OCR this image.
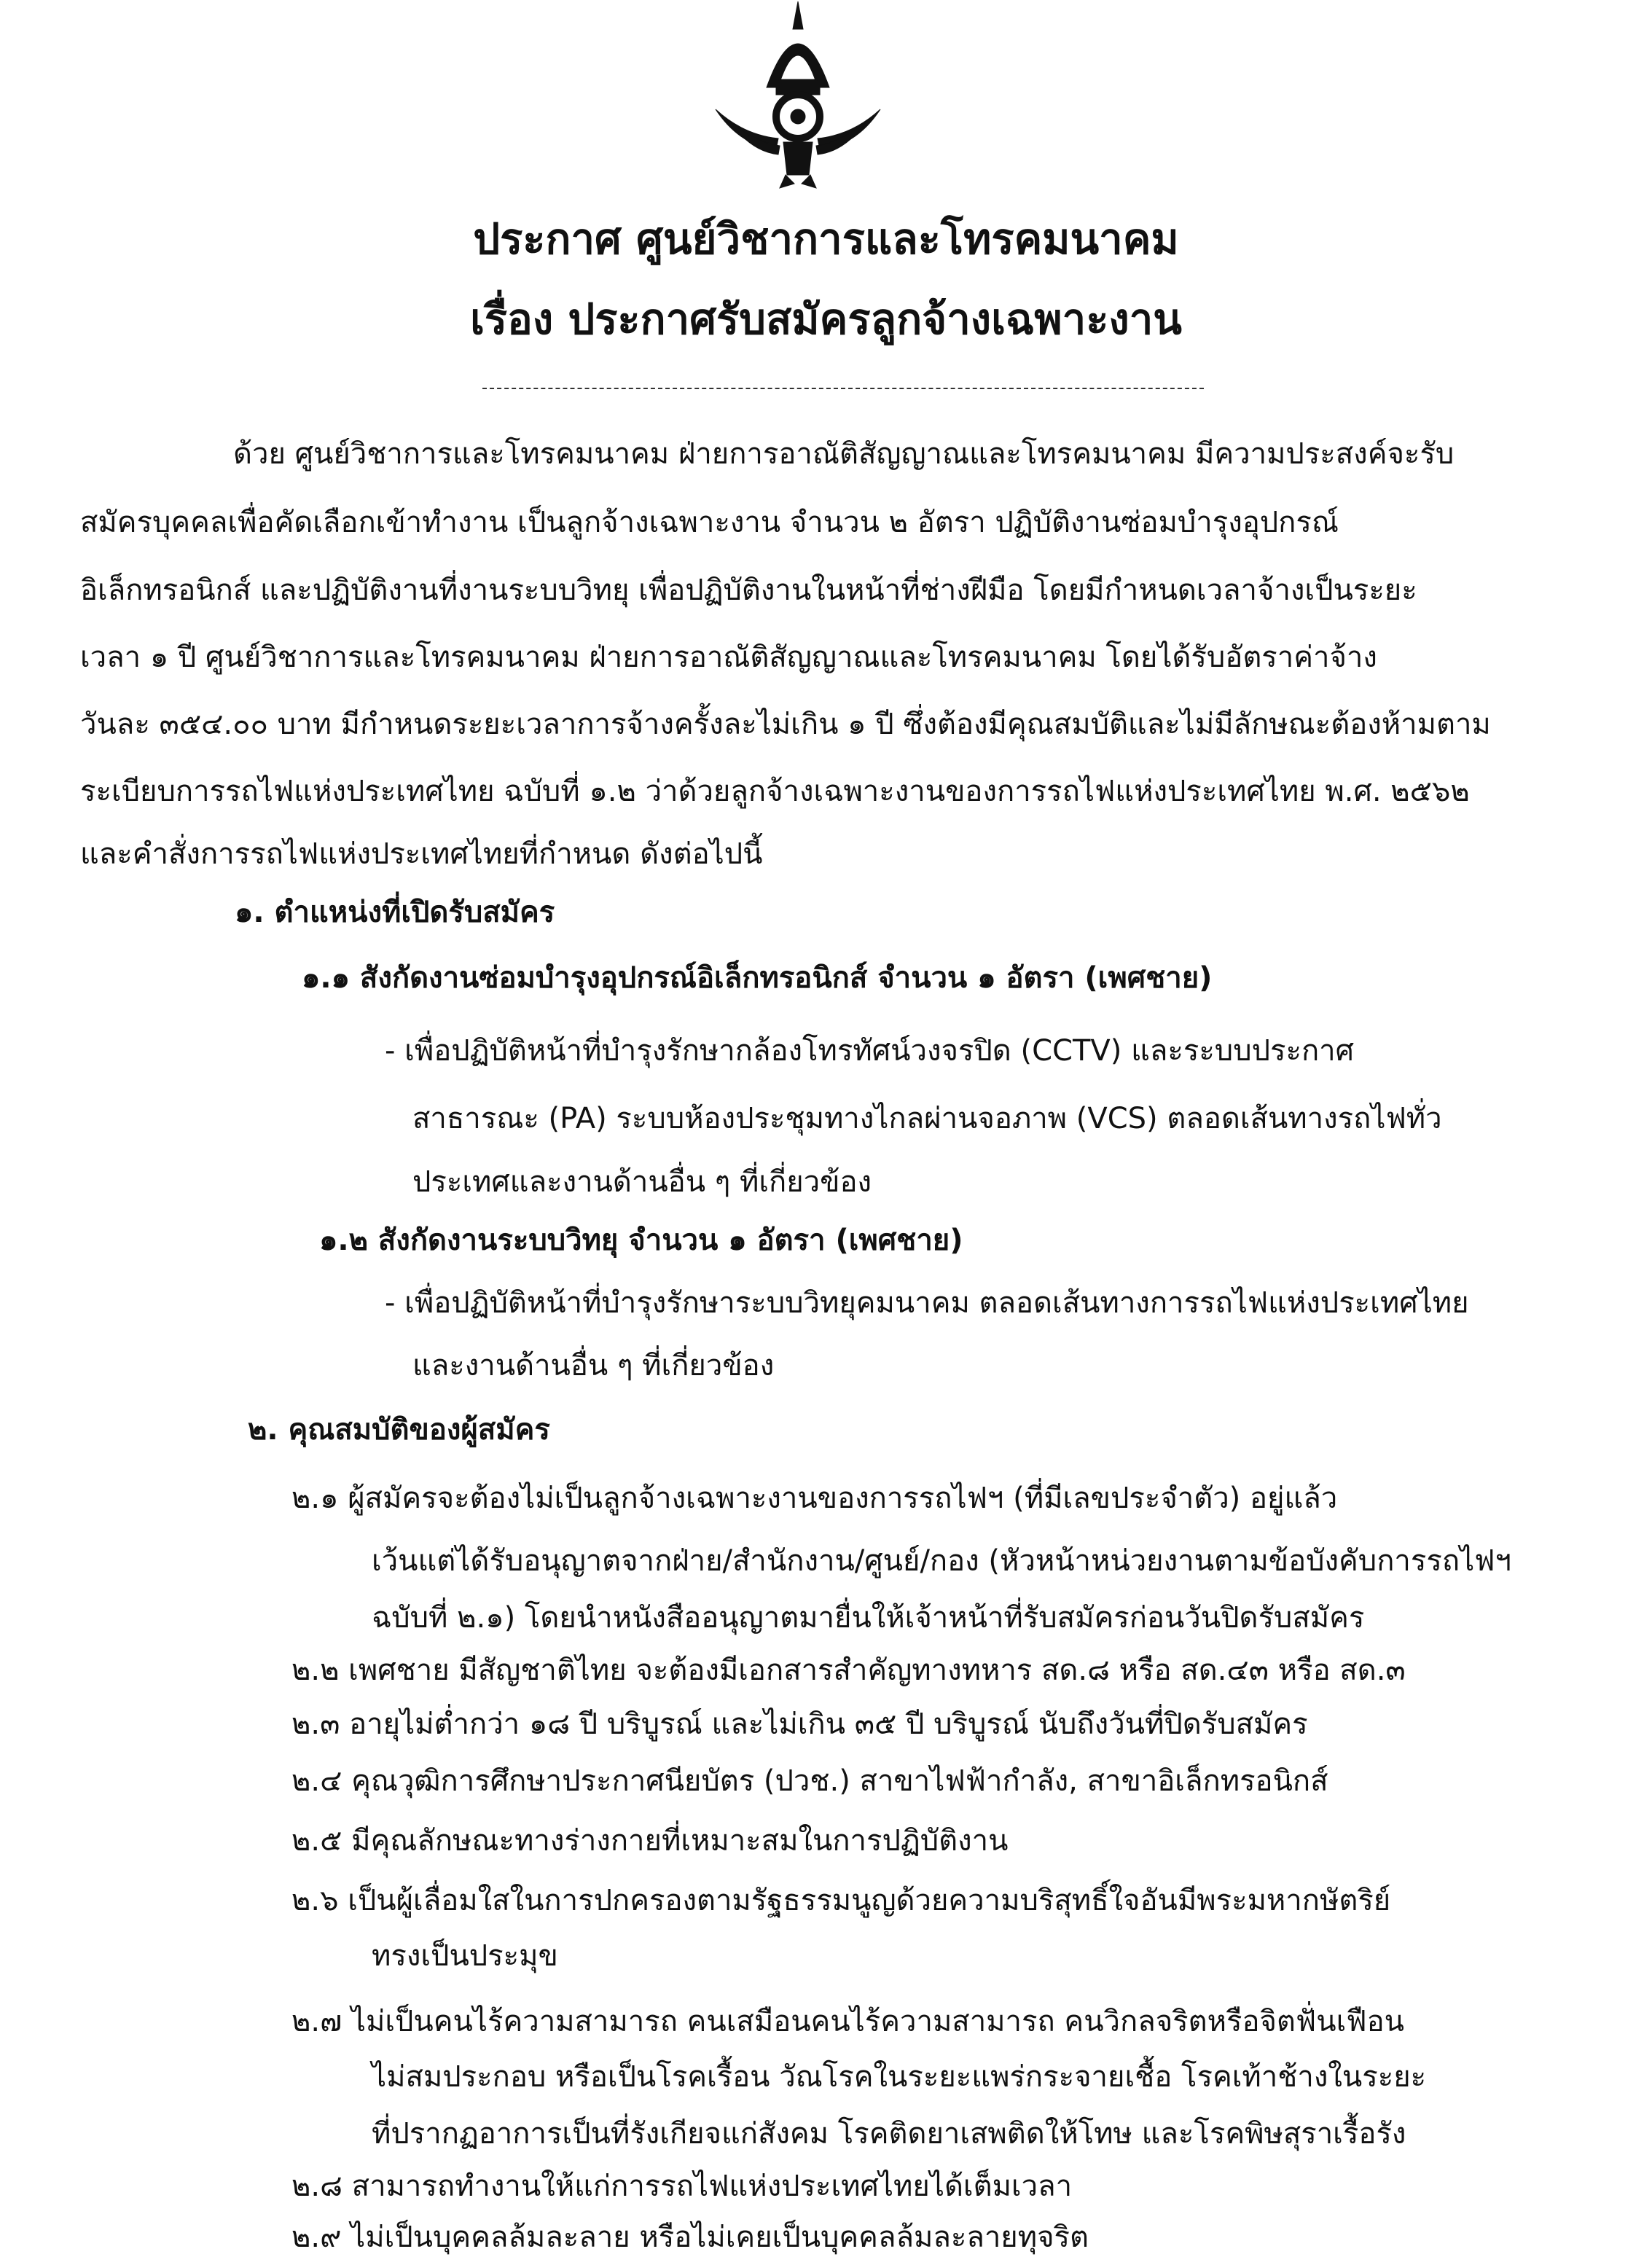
ประกาศ ศูนย์วิชาการและโทรคมนาคม
เรื่อง ประกาศรับสมัครลูกจ้างเฉพาะงาน
ด้วย ศูนย์วิชาการและโทรคมนาคม ฝ่ายการอาณัติสัญญาณและโทรคมนาคม มีความประสงค์จะรับ
สมัครบุคคลเพื่อคัดเลือกเข้าทำงาน เป็นลูกจ้างเฉพาะงาน จำนวน ๒ อัตรา ปฏิบัติงานซ่อมบำรุงอุปกรณ์
อิเล็กทรอนิกส์ และปฏิบัติงานที่งานระบบวิทยุ เพื่อปฏิบัติงานในหน้าที่ช่างฝีมือ โดยมีกำหนดเวลาจ้างเป็นระยะ
เวลา ๑ ปี ศูนย์วิชาการและโทรคมนาคม ฝ่ายการอาณัติสัญญาณและโทรคมนาคม โดยได้รับอัตราค่าจ้าง
วันละ ๓๕๔.๐๐ บาท มีกำหนดระยะเวลาการจ้างครั้งละไม่เกิน ๑ ปี ซึ่งต้องมีคุณสมบัติและไม่มีลักษณะต้องห้ามตาม
ระเบียบการรถไฟแห่งประเทศไทย ฉบับที่ ๑.๒ ว่าด้วยลูกจ้างเฉพาะงานของการรถไฟแห่งประเทศไทย พ.ศ. ๒๕๖๒
และคำสั่งการรถไฟแห่งประเทศไทยที่กำหนด ดังต่อไปนี้
๑. ตำแหน่งที่เปิดรับสมัคร
๑.๑ สังกัดงานซ่อมบำรุงอุปกรณ์อิเล็กทรอนิกส์ จำนวน ๑ อัตรา (เพศชาย)
- เพื่อปฏิบัติหน้าที่บำรุงรักษากล้องโทรทัศน์วงจรปิด (CCTV) และระบบประกาศ
สาธารณะ (PA) ระบบห้องประชุมทางไกลผ่านจอภาพ (VCS) ตลอดเส้นทางรถไฟทั่ว
ประเทศและงานด้านอื่น ๆ ที่เกี่ยวข้อง
๑.๒ สังกัดงานระบบวิทยุ จำนวน ๑ อัตรา (เพศชาย)
- เพื่อปฏิบัติหน้าที่บำรุงรักษาระบบวิทยุคมนาคม ตลอดเส้นทางการรถไฟแห่งประเทศไทย
และงานด้านอื่น ๆ ที่เกี่ยวข้อง
๒. คุณสมบัติของผู้สมัคร
๒.๑ ผู้สมัครจะต้องไม่เป็นลูกจ้างเฉพาะงานของการรถไฟฯ (ที่มีเลขประจำตัว) อยู่แล้ว
เว้นแต่ได้รับอนุญาตจากฝ่าย/สำนักงาน/ศูนย์/กอง (หัวหน้าหน่วยงานตามข้อบังคับการรถไฟฯ
ฉบับที่ ๒.๑) โดยนำหนังสืออนุญาตมายื่นให้เจ้าหน้าที่รับสมัครก่อนวันปิดรับสมัคร
๒.๒ เพศชาย มีสัญชาติไทย จะต้องมีเอกสารสำคัญทางทหาร สด.๘ หรือ สด.๔๓ หรือ สด.๓
๒.๓ อายุไม่ต่ำกว่า ๑๘ ปี บริบูรณ์ และไม่เกิน ๓๕ ปี บริบูรณ์ นับถึงวันที่ปิดรับสมัคร
๒.๔ คุณวุฒิการศึกษาประกาศนียบัตร (ปวช.) สาขาไฟฟ้ากำลัง, สาขาอิเล็กทรอนิกส์
๒.๕ มีคุณลักษณะทางร่างกายที่เหมาะสมในการปฏิบัติงาน
๒.๖ เป็นผู้เลื่อมใสในการปกครองตามรัฐธรรมนูญด้วยความบริสุทธิ์ใจอันมีพระมหากษัตริย์
ทรงเป็นประมุข
๒.๗ ไม่เป็นคนไร้ความสามารถ คนเสมือนคนไร้ความสามารถ คนวิกลจริตหรือจิตฟั่นเฟือน
ไม่สมประกอบ หรือเป็นโรคเรื้อน วัณโรคในระยะแพร่กระจายเชื้อ โรคเท้าช้างในระยะ
ที่ปรากฏอาการเป็นที่รังเกียจแก่สังคม โรคติดยาเสพติดให้โทษ และโรคพิษสุราเรื้อรัง
๒.๘ สามารถทำงานให้แก่การรถไฟแห่งประเทศไทยได้เต็มเวลา
๒.๙ ไม่เป็นบุคคลล้มละลาย หรือไม่เคยเป็นบุคคลล้มละลายทุจริต
